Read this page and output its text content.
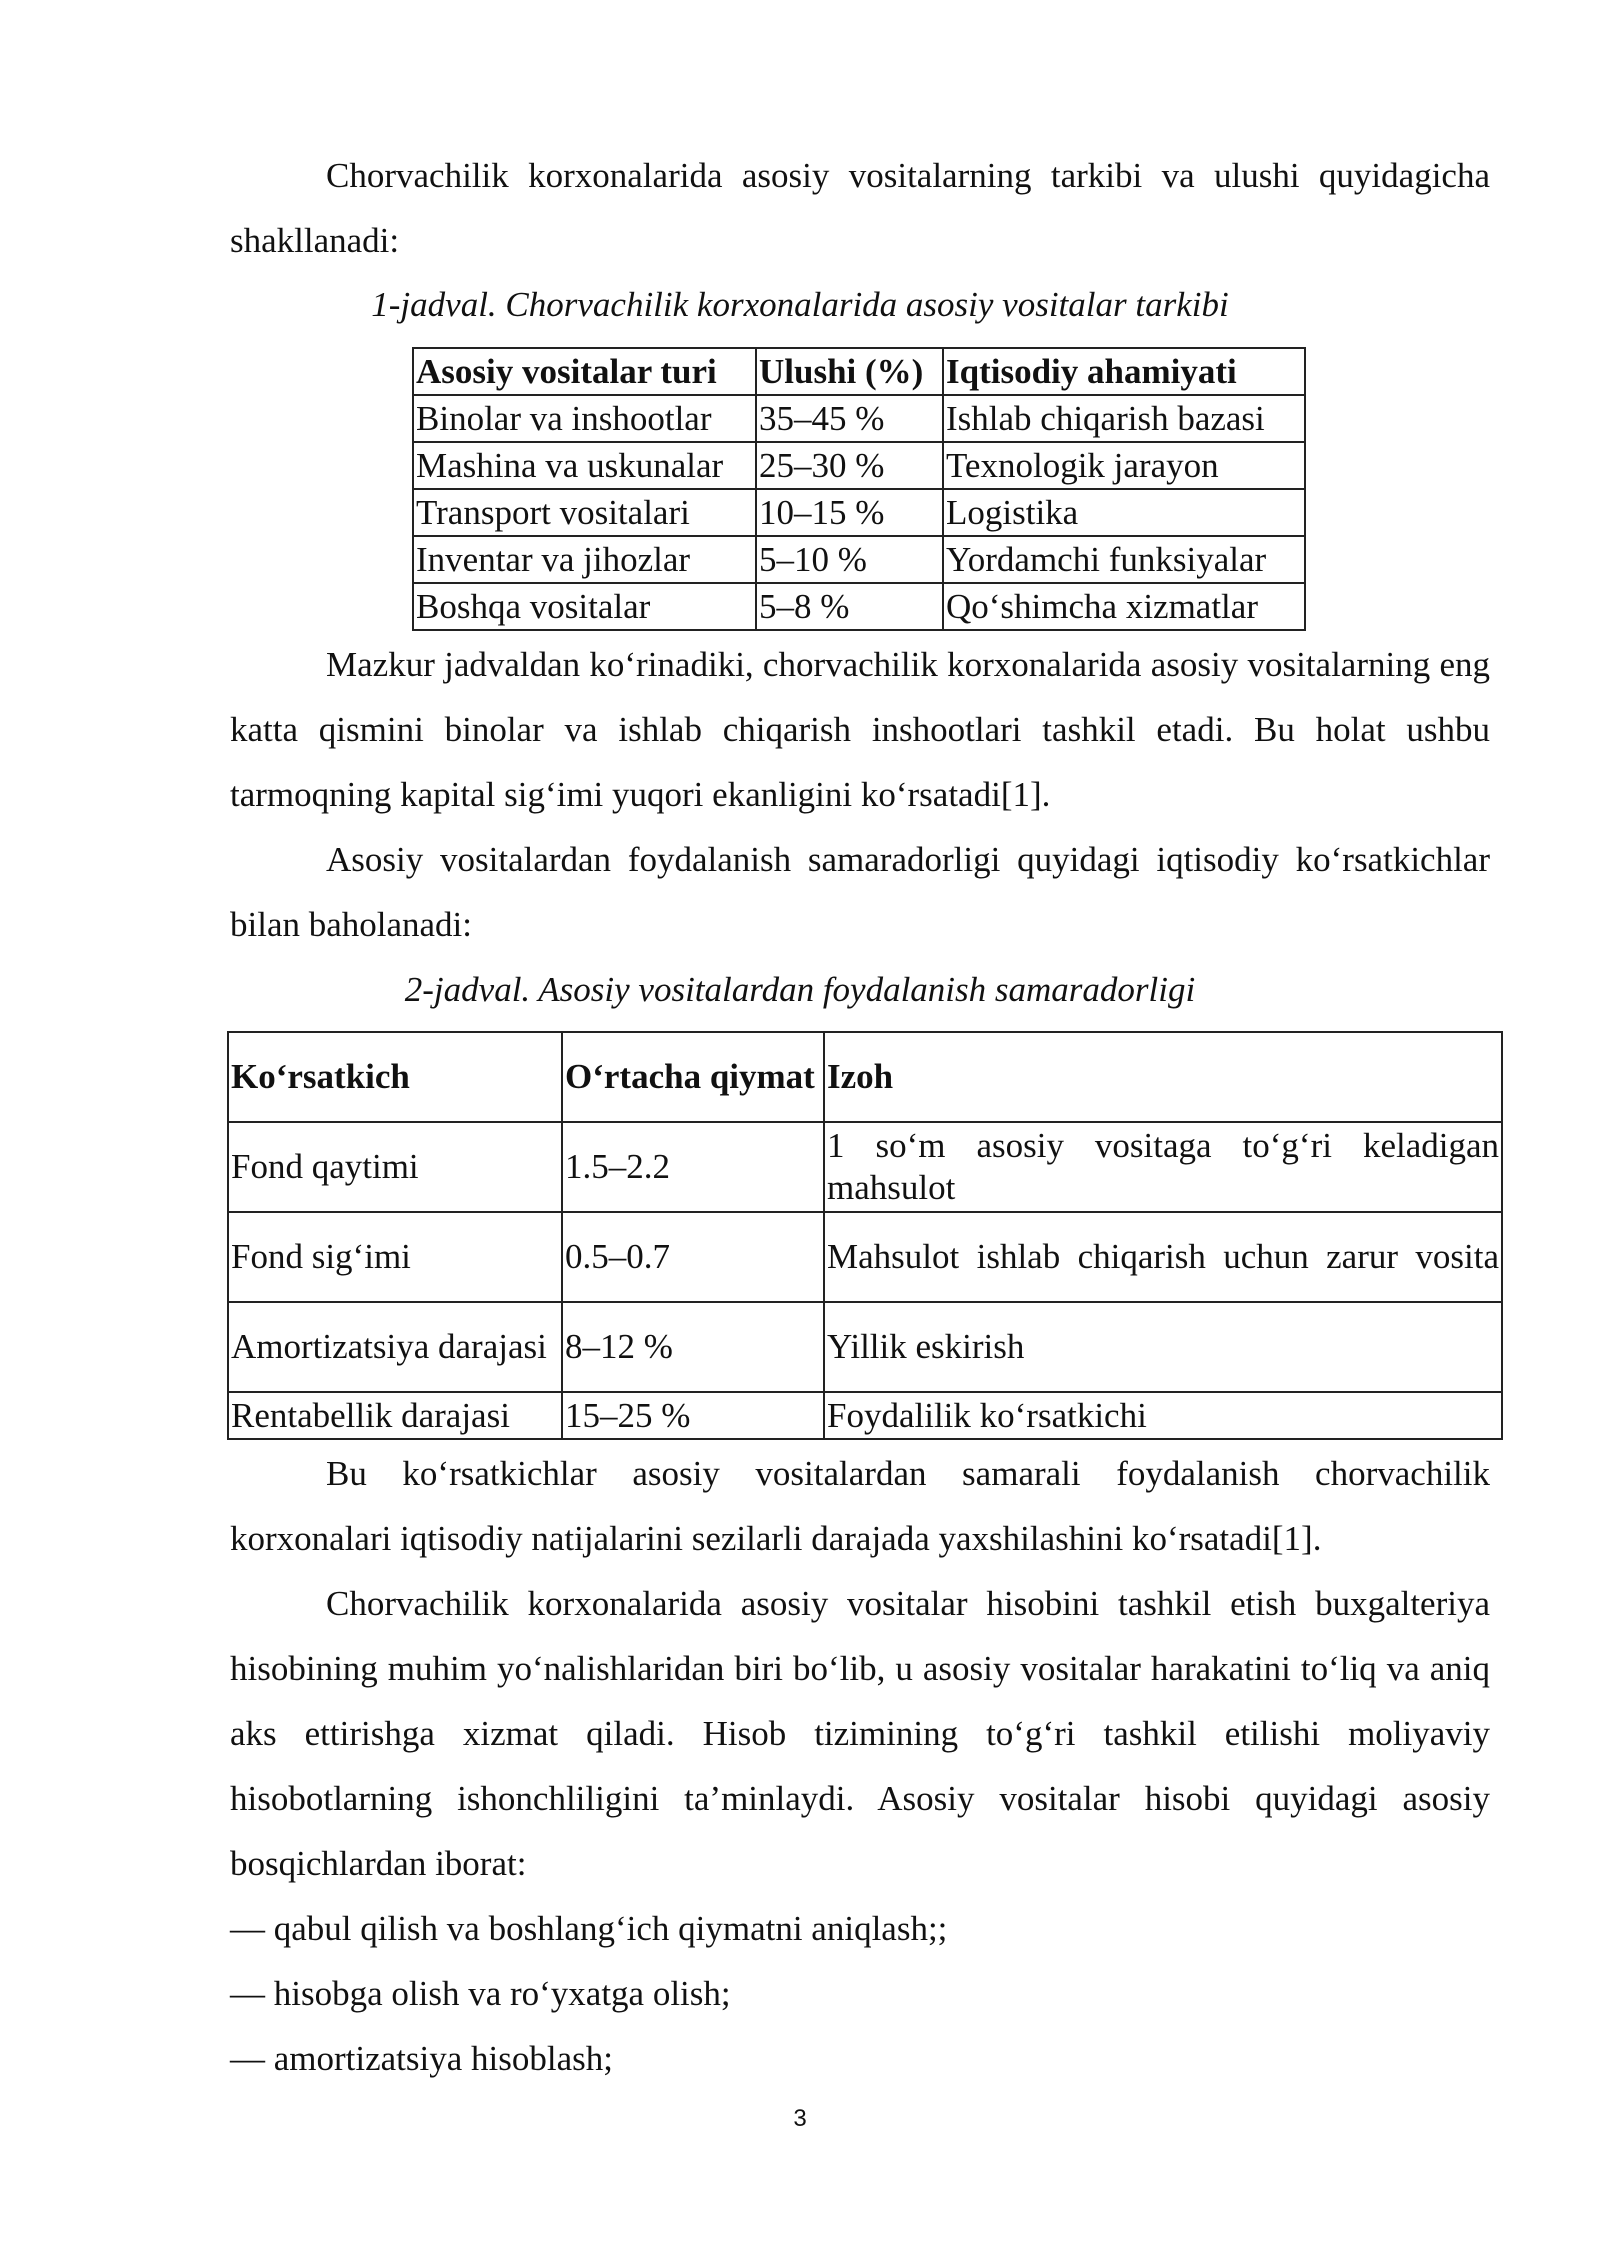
Chorvachilik korxonalarida asosiy vositalarning tarkibi va ulushi quyidagicha shakllanadi:

1-jadval. Chorvachilik korxonalarida asosiy vositalar tarkibi

Asosiy vositalar turi	Ulushi (%)	Iqtisodiy ahamiyati
Binolar va inshootlar	35–45 %	Ishlab chiqarish bazasi
Mashina va uskunalar	25–30 %	Texnologik jarayon
Transport vositalari	10–15 %	Logistika
Inventar va jihozlar	5–10 %	Yordamchi funksiyalar
Boshqa vositalar	5–8 %	Qo‘shimcha xizmatlar

Mazkur jadvaldan ko‘rinadiki, chorvachilik korxonalarida asosiy vositalarning eng katta qismini binolar va ishlab chiqarish inshootlari tashkil etadi. Bu holat ushbu tarmoqning kapital sig‘imi yuqori ekanligini ko‘rsatadi[1].

Asosiy vositalardan foydalanish samaradorligi quyidagi iqtisodiy ko‘rsatkichlar bilan baholanadi:

2-jadval. Asosiy vositalardan foydalanish samaradorligi

Ko‘rsatkich	O‘rtacha qiymat	Izoh
Fond qaytimi	1.5–2.2	1 so‘m asosiy vositaga to‘g‘ri keladigan mahsulot
Fond sig‘imi	0.5–0.7	Mahsulot ishlab chiqarish uchun zarur vosita
Amortizatsiya darajasi	8–12 %	Yillik eskirish
Rentabellik darajasi	15–25 %	Foydalilik ko‘rsatkichi

Bu ko‘rsatkichlar asosiy vositalardan samarali foydalanish chorvachilik korxonalari iqtisodiy natijalarini sezilarli darajada yaxshilashini ko‘rsatadi[1].

Chorvachilik korxonalarida asosiy vositalar hisobini tashkil etish buxgalteriya hisobining muhim yo‘nalishlaridan biri bo‘lib, u asosiy vositalar harakatini to‘liq va aniq aks ettirishga xizmat qiladi. Hisob tizimining to‘g‘ri tashkil etilishi moliyaviy hisobotlarning ishonchliligini ta’minlaydi. Asosiy vositalar hisobi quyidagi asosiy bosqichlardan iborat:

— qabul qilish va boshlang‘ich qiymatni aniqlash;;

— hisobga olish va ro‘yxatga olish;

— amortizatsiya hisoblash;

3
